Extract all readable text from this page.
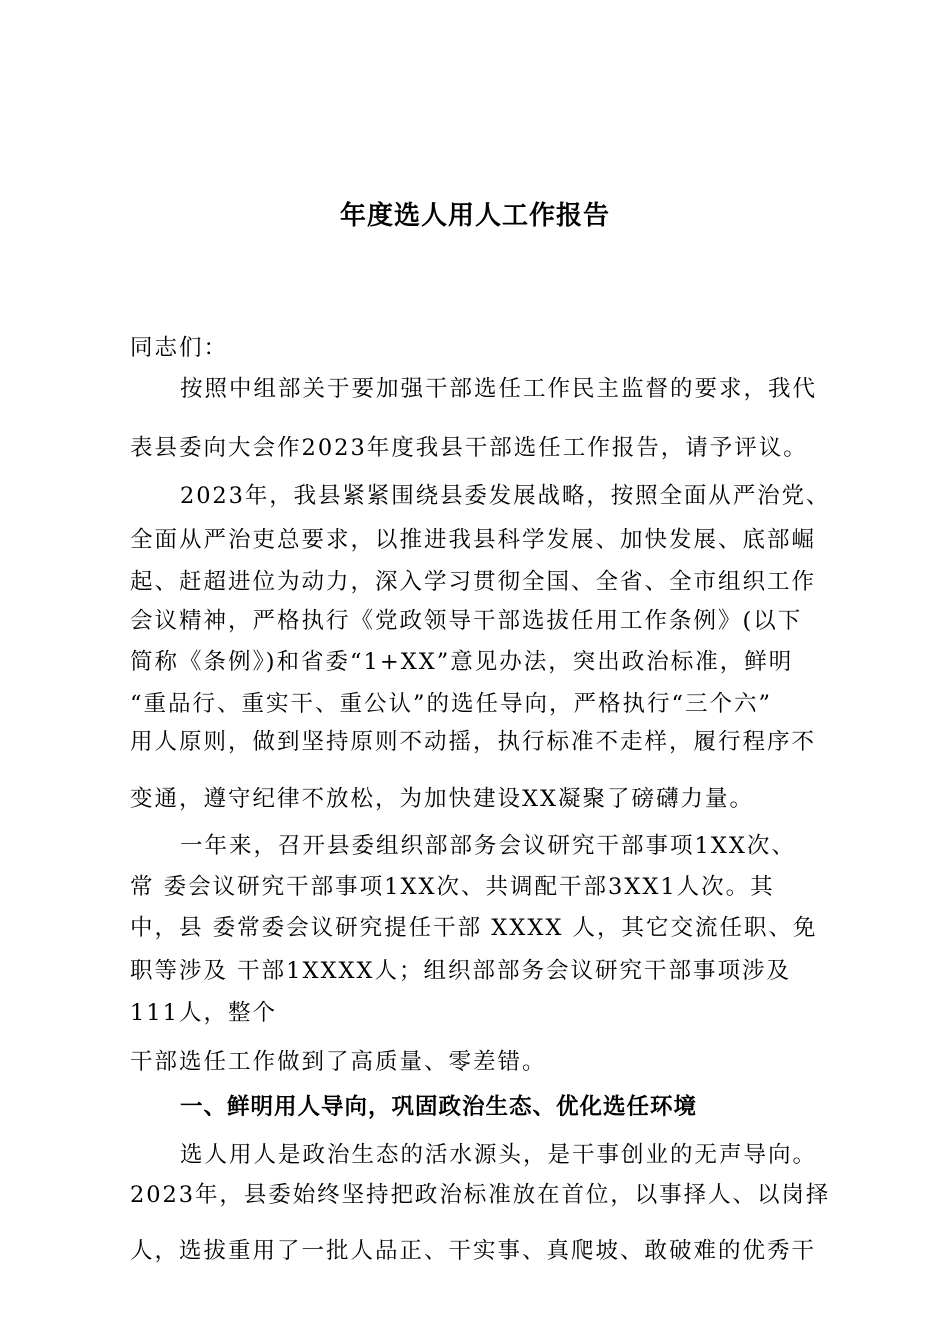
年度选人用人工作报告
同志们：
按照中组部关于要加强干部选任工作民主监督的要求，我代
表县委向大会作2023年度我县干部选任工作报告，请予评议。
2023年，我县紧紧围绕县委发展战略，按照全面从严治党、
全面从严治吏总要求，以推进我县科学发展、加快发展、底部崛
起、赶超进位为动力，深入学习贯彻全国、全省、全市组织工作
会议精神，严格执行《党政领导干部选拔任用工作条例》(以下
简称《条例》)和省委“1+XX”意见办法，突出政治标准，鲜明
“重品行、重实干、重公认”的选任导向，严格执行“三个六”
用人原则，做到坚持原则不动摇，执行标准不走样，履行程序不
变通，遵守纪律不放松，为加快建设XX凝聚了磅礴力量。
一年来，召开县委组织部部务会议研究干部事项1XX次、
常 委会议研究干部事项1XX次、共调配干部3XX1人次。其
中，县 委常委会议研究提任干部 XXXX 人，其它交流任职、免
职等涉及 干部1XXXX人；组织部部务会议研究干部事项涉及
111人，整个
干部选任工作做到了高质量、零差错。
一、鲜明用人导向，巩固政治生态、优化选任环境
选人用人是政治生态的活水源头，是干事创业的无声导向。
2023年，县委始终坚持把政治标准放在首位，以事择人、以岗择
人，选拔重用了一批人品正、干实事、真爬坡、敢破难的优秀干
